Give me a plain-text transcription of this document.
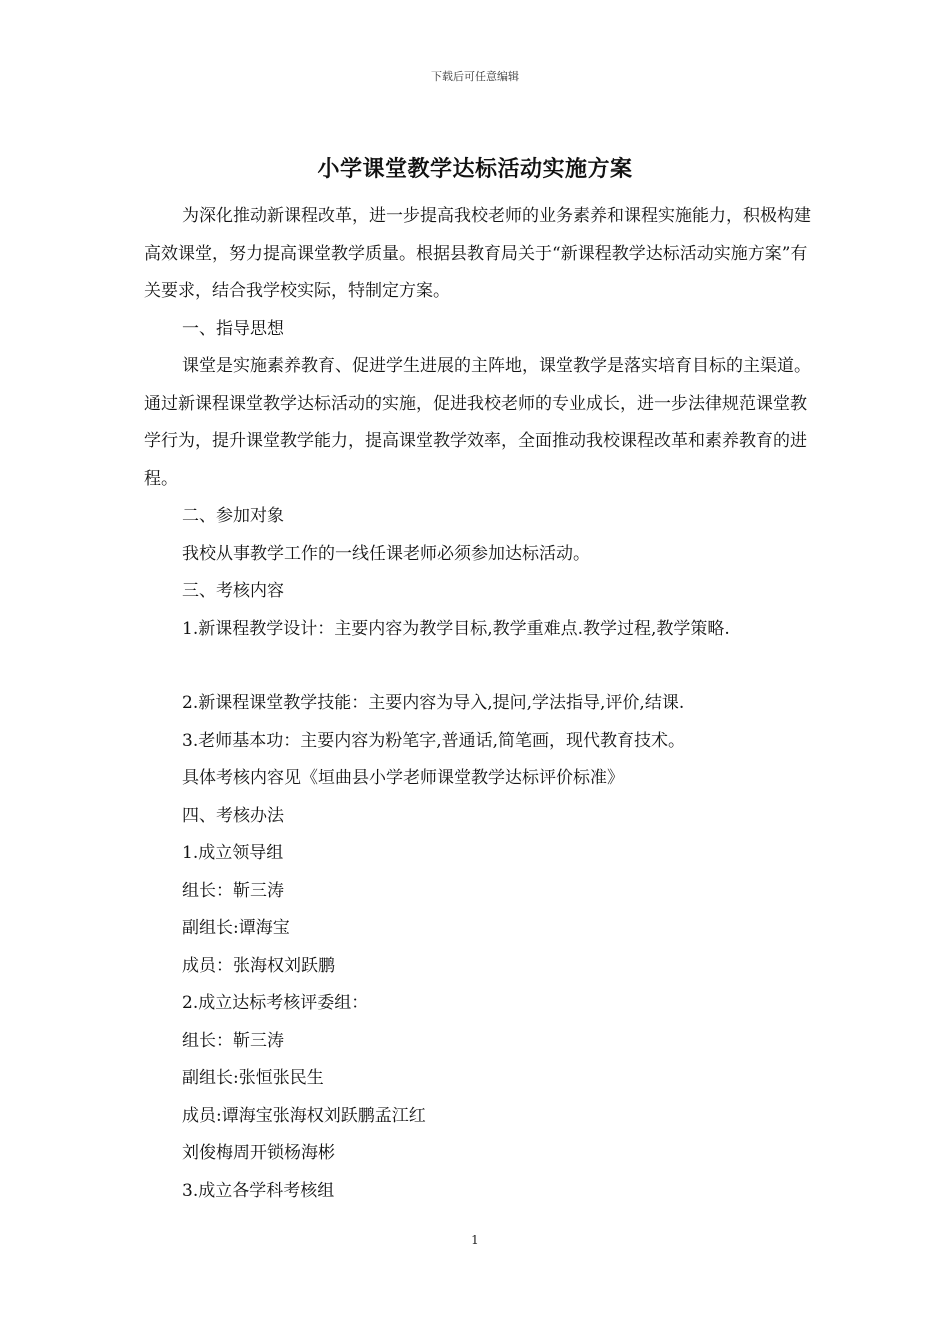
下载后可任意编辑
小学课堂教学达标活动实施方案

为深化推动新课程改革，进一步提高我校老师的业务素养和课程实施能力，积极构建高效课堂，努力提高课堂教学质量。根据县教育局关于“新课程教学达标活动实施方案”有关要求，结合我学校实际，特制定方案。

一、指导思想

课堂是实施素养教育、促进学生进展的主阵地，课堂教学是落实培育目标的主渠道。通过新课程课堂教学达标活动的实施，促进我校老师的专业成长，进一步法律规范课堂教学行为，提升课堂教学能力，提高课堂教学效率，全面推动我校课程改革和素养教育的进程。

二、参加对象

我校从事教学工作的一线任课老师必须参加达标活动。

三、考核内容

1.新课程教学设计：主要内容为教学目标,教学重难点.教学过程,教学策略.

2.新课程课堂教学技能：主要内容为导入,提问,学法指导,评价,结课.

3.老师基本功：主要内容为粉笔字,普通话,简笔画，现代教育技术。

具体考核内容见《垣曲县小学老师课堂教学达标评价标准》

四、考核办法

1.成立领导组

组长：靳三涛

副组长:谭海宝

成员：张海权刘跃鹏

2.成立达标考核评委组：

组长：靳三涛

副组长:张恒张民生

成员:谭海宝张海权刘跃鹏孟江红

刘俊梅周开锁杨海彬

3.成立各学科考核组

1
